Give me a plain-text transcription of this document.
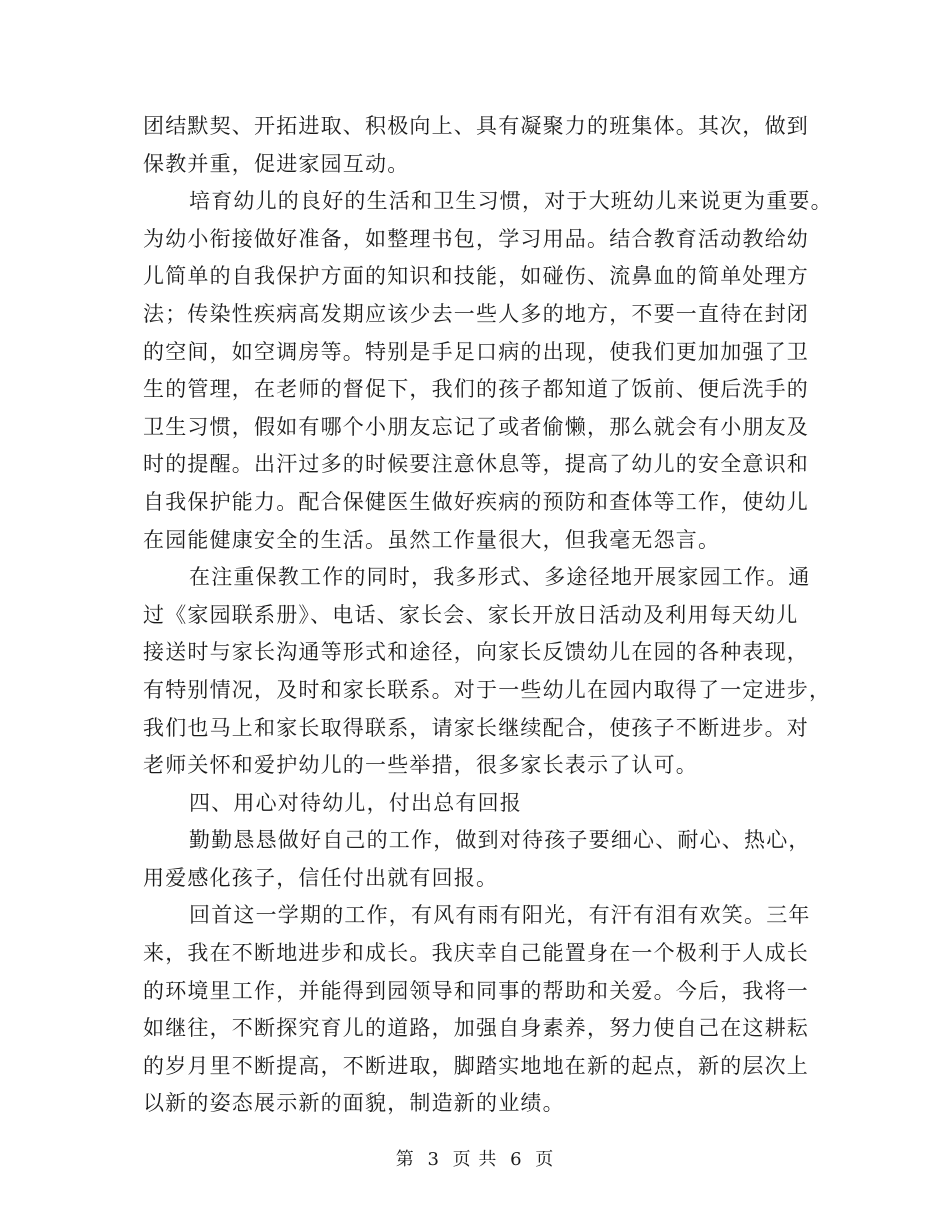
团结默契、开拓进取、积极向上、具有凝聚力的班集体。其次，做到
保教并重，促进家园互动。
培育幼儿的良好的生活和卫生习惯，对于大班幼儿来说更为重要。
为幼小衔接做好准备，如整理书包，学习用品。结合教育活动教给幼
儿简单的自我保护方面的知识和技能，如碰伤、流鼻血的简单处理方
法；传染性疾病高发期应该少去一些人多的地方，不要一直待在封闭
的空间，如空调房等。特别是手足口病的出现，使我们更加加强了卫
生的管理，在老师的督促下，我们的孩子都知道了饭前、便后洗手的
卫生习惯，假如有哪个小朋友忘记了或者偷懒，那么就会有小朋友及
时的提醒。出汗过多的时候要注意休息等，提高了幼儿的安全意识和
自我保护能力。配合保健医生做好疾病的预防和查体等工作，使幼儿
在园能健康安全的生活。虽然工作量很大，但我毫无怨言。
在注重保教工作的同时，我多形式、多途径地开展家园工作。通
过《家园联系册》、电话、家长会、家长开放日活动及利用每天幼儿
接送时与家长沟通等形式和途径，向家长反馈幼儿在园的各种表现，
有特别情况，及时和家长联系。对于一些幼儿在园内取得了一定进步，
我们也马上和家长取得联系，请家长继续配合，使孩子不断进步。对
老师关怀和爱护幼儿的一些举措，很多家长表示了认可。
四、用心对待幼儿，付出总有回报
勤勤恳恳做好自己的工作，做到对待孩子要细心、耐心、热心，
用爱感化孩子，信任付出就有回报。
回首这一学期的工作，有风有雨有阳光，有汗有泪有欢笑。三年
来，我在不断地进步和成长。我庆幸自己能置身在一个极利于人成长
的环境里工作，并能得到园领导和同事的帮助和关爱。今后，我将一
如继往，不断探究育儿的道路，加强自身素养，努力使自己在这耕耘
的岁月里不断提高，不断进取，脚踏实地地在新的起点，新的层次上
以新的姿态展示新的面貌，制造新的业绩。
第 3 页 共 6 页
